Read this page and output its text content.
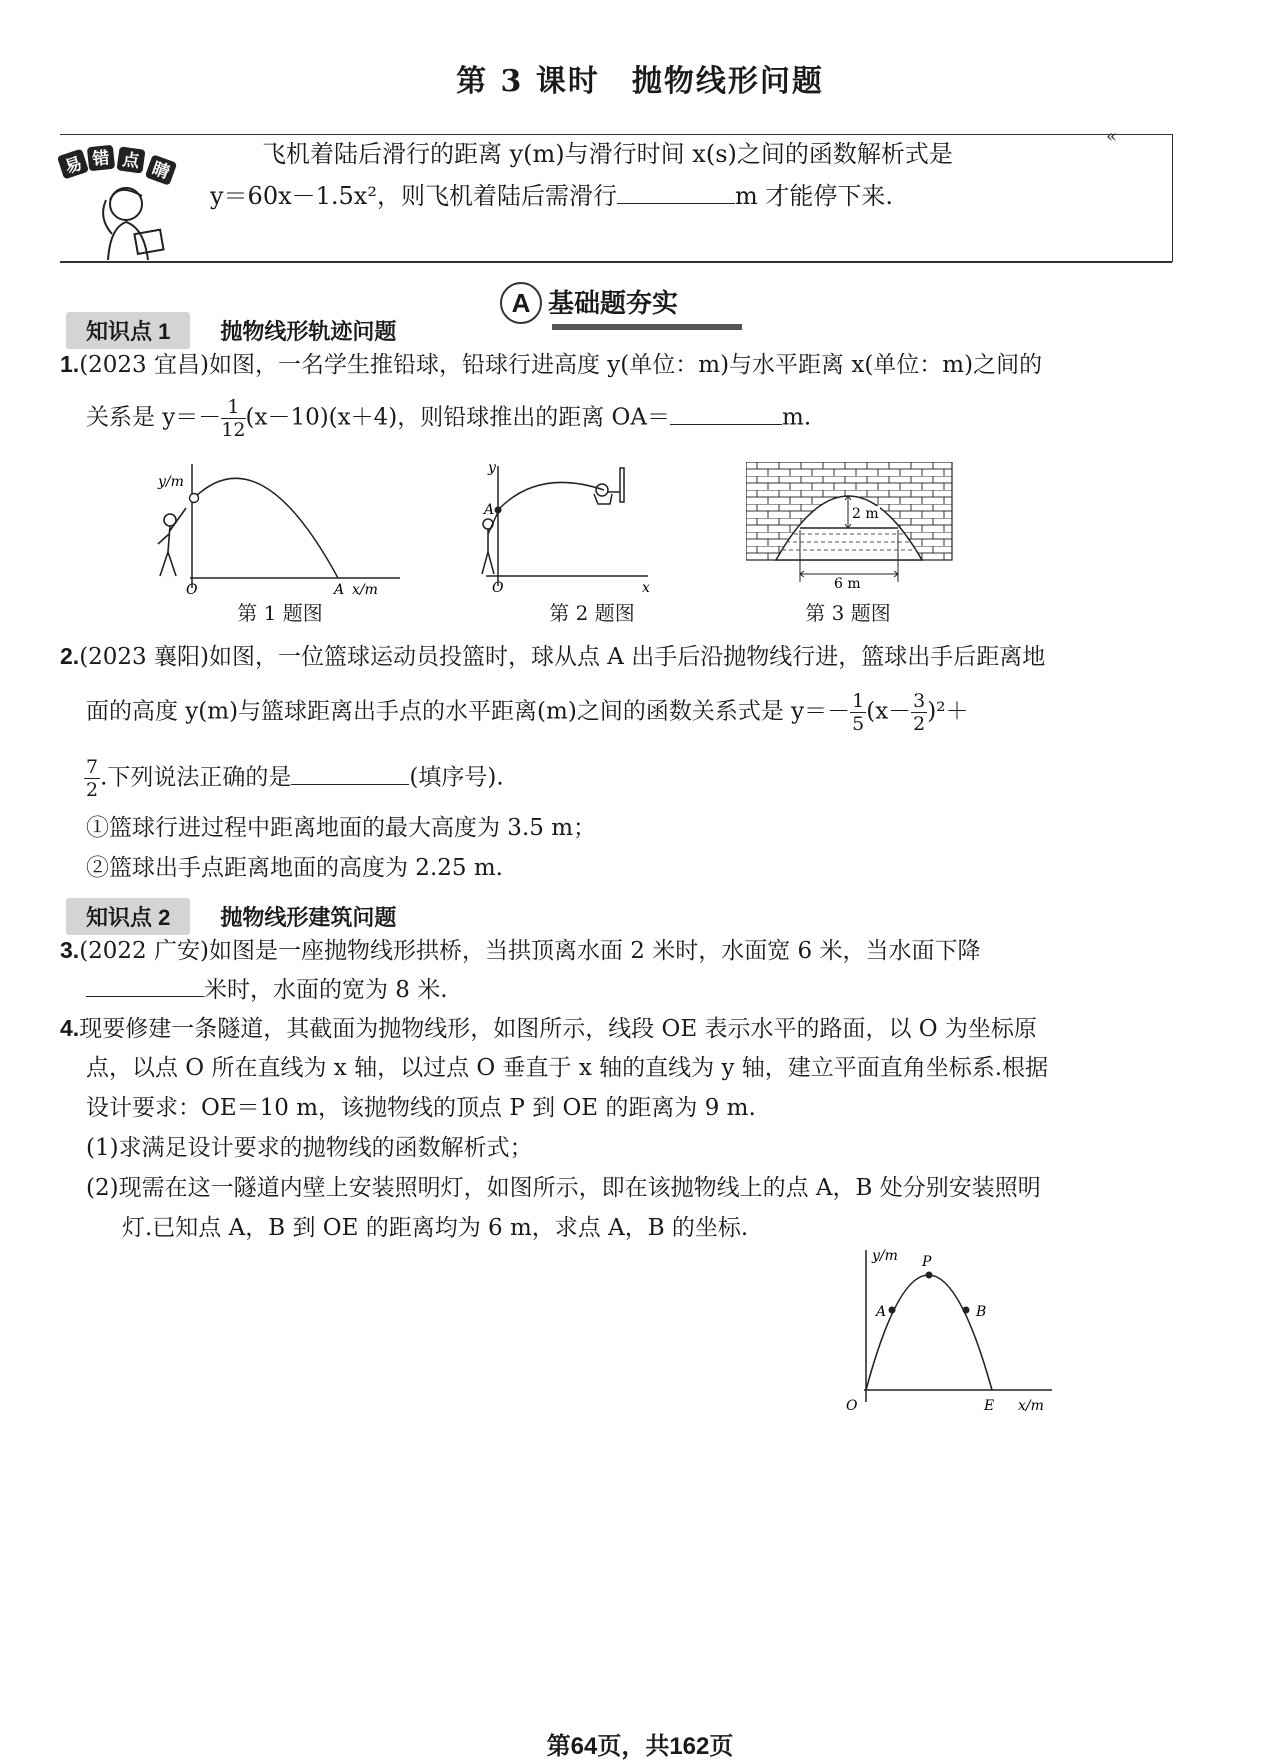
第 3 课时　抛物线形问题
«
易 错 点 睛
飞机着陆后滑行的距离 y(m)与滑行时间 x(s)之间的函数解析式是
y＝60x－1.5x²，则飞机着陆后需滑行	m 才能停下来.
A 基础题夯实
知识点 1 抛物线形轨迹问题
1.(2023 宜昌)如图，一名学生推铅球，铅球行进高度 y(单位：m)与水平距离 x(单位：m)之间的
关系是 $y=- \frac{1}{12}(x-10)(x+4)$，则铅球推出的距离 OA＝	m.
y/m
O	A x/m
第 1 题图
y
A
O	x
第 2 题图
2 m
6 m
第 3 题图
2.(2023 襄阳)如图，一位篮球运动员投篮时，球从点 A 出手后沿抛物线行进，篮球出手后距离地
面的高度 y(m)与篮球距离出手点的水平距离(m)之间的函数关系式是 $y=- \frac{1}{5}(x- \frac{3}{2})^2+$
$\frac{7}{2}$.下列说法正确的是	(填序号).
①篮球行进过程中距离地面的最大高度为 3.5 m；
②篮球出手点距离地面的高度为 2.25 m.
知识点 2 抛物线形建筑问题
3.(2022 广安)如图是一座抛物线形拱桥，当拱顶离水面 2 米时，水面宽 6 米，当水面下降
米时，水面的宽为 8 米.
4.现要修建一条隧道，其截面为抛物线形，如图所示，线段 OE 表示水平的路面，以 O 为坐标原
点，以点 O 所在直线为 x 轴，以过点 O 垂直于 x 轴的直线为 y 轴，建立平面直角坐标系.根据
设计要求：OE＝10 m，该抛物线的顶点 P 到 OE 的距离为 9 m.
(1)求满足设计要求的抛物线的函数解析式；
(2)现需在这一隧道内壁上安装照明灯，如图所示，即在该抛物线上的点 A，B 处分别安装照明
灯.已知点 A，B 到 OE 的距离均为 6 m，求点 A，B 的坐标.
y/m P
A	B
O	E x/m
第64页，共162页
